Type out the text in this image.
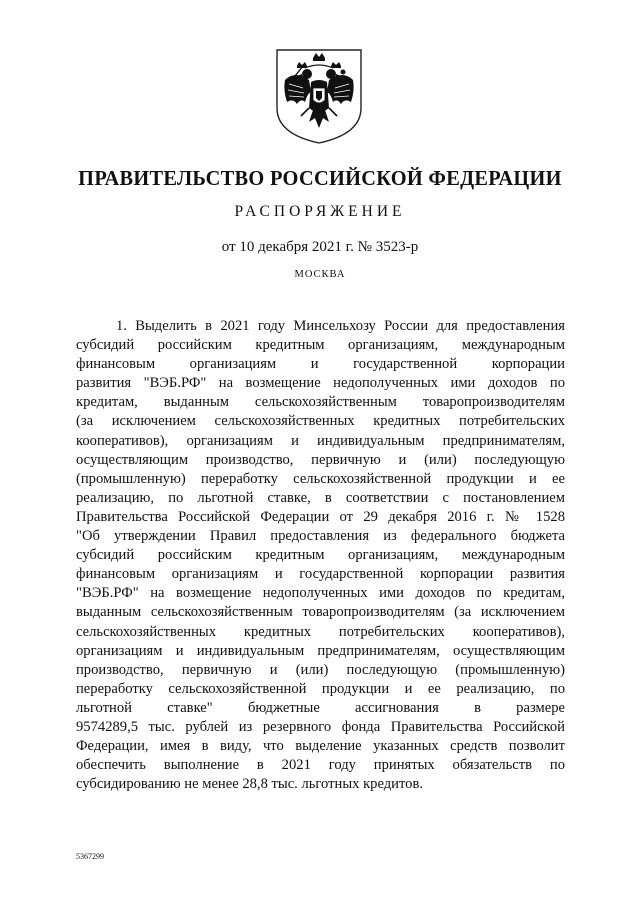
ПРАВИТЕЛЬСТВО РОССИЙСКОЙ ФЕДЕРАЦИИ
РАСПОРЯЖЕНИЕ
от 10 декабря 2021 г. № 3523-р
МОСКВА
1. Выделить в 2021 году Минсельхозу России для предоставления
субсидий российским кредитным организациям, международным
финансовым организациям и государственной корпорации
развития "ВЭБ.РФ" на возмещение недополученных ими доходов по
кредитам, выданным сельскохозяйственным товаропроизводителям
(за исключением сельскохозяйственных кредитных потребительских
кооперативов), организациям и индивидуальным предпринимателям,
осуществляющим производство, первичную и (или) последующую
(промышленную) переработку сельскохозяйственной продукции и ее
реализацию, по льготной ставке, в соответствии с постановлением
Правительства Российской Федерации от 29 декабря 2016 г. № 1528
"Об утверждении Правил предоставления из федерального бюджета
субсидий российским кредитным организациям, международным
финансовым организациям и государственной корпорации развития
"ВЭБ.РФ" на возмещение недополученных ими доходов по кредитам,
выданным сельскохозяйственным товаропроизводителям (за исключением
сельскохозяйственных кредитных потребительских кооперативов),
организациям и индивидуальным предпринимателям, осуществляющим
производство, первичную и (или) последующую (промышленную)
переработку сельскохозяйственной продукции и ее реализацию, по
льготной ставке" бюджетные ассигнования в размере
9574289,5 тыс. рублей из резервного фонда Правительства Российской
Федерации, имея в виду, что выделение указанных средств позволит
обеспечить выполнение в 2021 году принятых обязательств по
субсидированию не менее 28,8 тыс. льготных кредитов.
5367299
